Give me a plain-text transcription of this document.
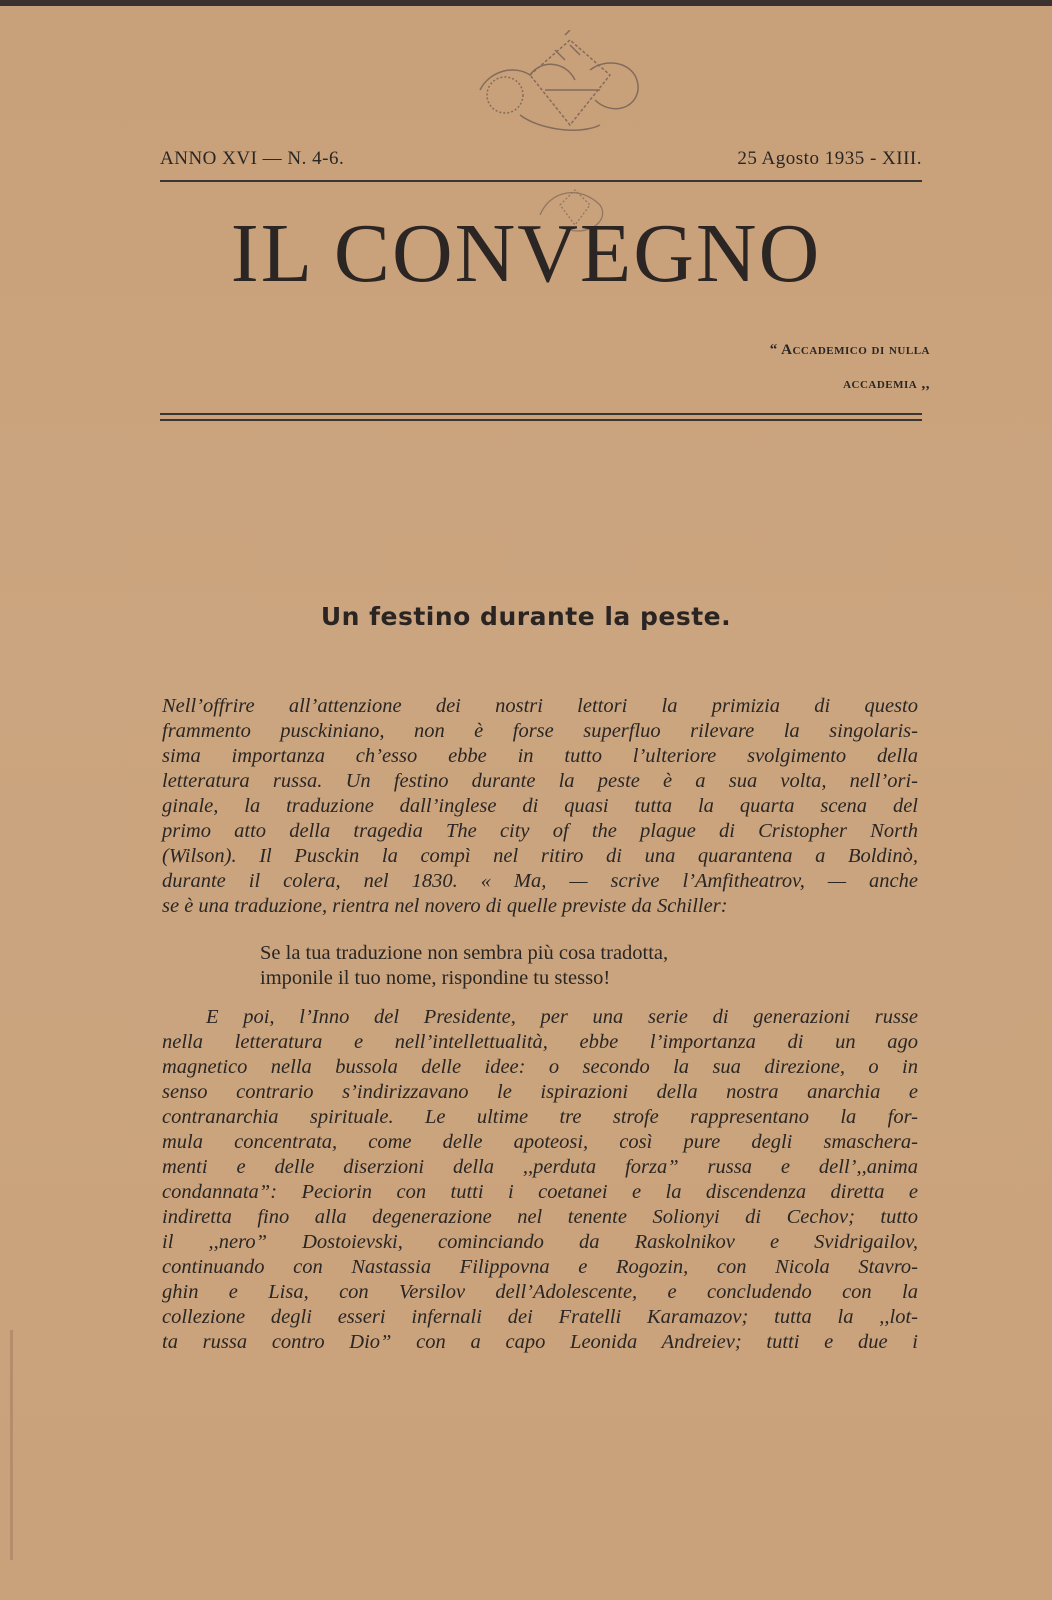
ANNO XVI — N. 4-6.	25 Agosto 1935 - XIII.
IL CONVEGNO
“ Accademico di nulla
accademia ,,
Un festino durante la peste.
Nell’offrire all’attenzione dei nostri lettori la primizia di questo
frammento pusckiniano, non è forse superfluo rilevare la singolaris-
sima importanza ch’esso ebbe in tutto l’ulteriore svolgimento della
letteratura russa. Un festino durante la peste è a sua volta, nell’ori-
ginale, la traduzione dall’inglese di quasi tutta la quarta scena del
primo atto della tragedia The city of the plague di Cristopher North
(Wilson). Il Pusckin la compì nel ritiro di una quarantena a Boldinò,
durante il colera, nel 1830. « Ma, — scrive l’Amfitheatrov, — anche
se è una traduzione, rientra nel novero di quelle previste da Schiller:
Se la tua traduzione non sembra più cosa tradotta,
imponile il tuo nome, rispondine tu stesso!
E poi, l’Inno del Presidente, per una serie di generazioni russe
nella letteratura e nell’intellettualità, ebbe l’importanza di un ago
magnetico nella bussola delle idee: o secondo la sua direzione, o in
senso contrario s’indirizzavano le ispirazioni della nostra anarchia e
contranarchia spirituale. Le ultime tre strofe rappresentano la for-
mula concentrata, come delle apoteosi, così pure degli smaschera-
menti e delle diserzioni della ,,perduta forza” russa e dell’,,anima
condannata”: Peciorin con tutti i coetanei e la discendenza diretta e
indiretta fino alla degenerazione nel tenente Solionyi di Cechov; tutto
il ,,nero” Dostoievski, cominciando da Raskolnikov e Svidrigailov,
continuando con Nastassia Filippovna e Rogozin, con Nicola Stavro-
ghin e Lisa, con Versilov dell’Adolescente, e concludendo con la
collezione degli esseri infernali dei Fratelli Karamazov; tutta la ,,lot-
ta russa contro Dio” con a capo Leonida Andreiev; tutti e due i
